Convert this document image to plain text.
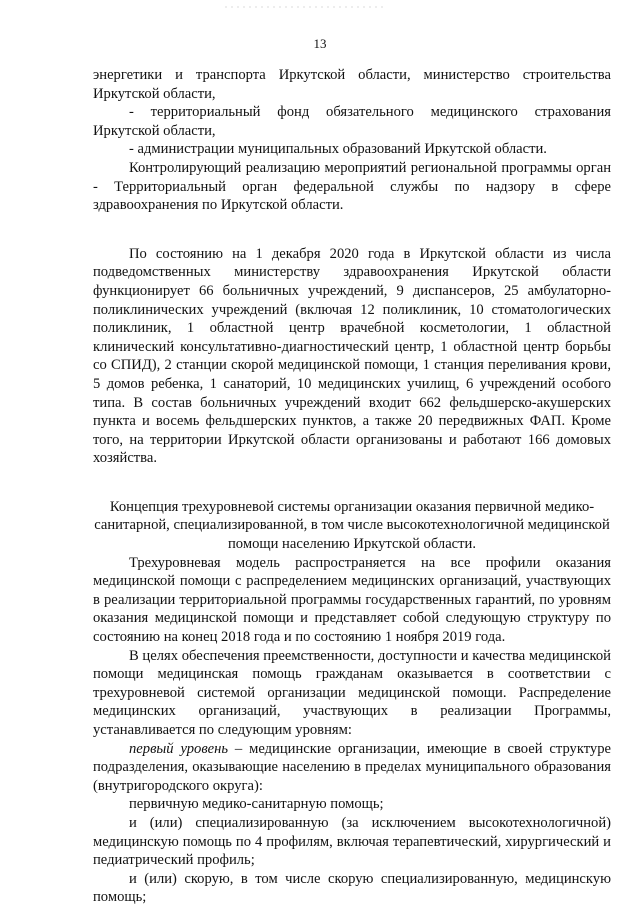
13

энергетики и транспорта Иркутской области, министерство строительства Иркутской области,

- территориальный фонд обязательного медицинского страхования Иркутской области,

- администрации муниципальных образований Иркутской области.

Контролирующий реализацию мероприятий региональной программы орган - Территориальный орган федеральной службы по надзору в сфере здравоохранения по Иркутской области.

По состоянию на 1 декабря 2020 года в Иркутской области из числа подведомственных министерству здравоохранения Иркутской области функционирует 66 больничных учреждений, 9 диспансеров, 25 амбулаторно-поликлинических учреждений (включая 12 поликлиник, 10 стоматологических поликлиник, 1 областной центр врачебной косметологии, 1 областной клинический консультативно-диагностический центр, 1 областной центр борьбы со СПИД), 2 станции скорой медицинской помощи, 1 станция переливания крови, 5 домов ребенка, 1 санаторий, 10 медицинских училищ, 6 учреждений особого типа. В состав больничных учреждений входит 662 фельдшерско-акушерских пункта и восемь фельдшерских пунктов, а также 20 передвижных ФАП. Кроме того, на территории Иркутской области организованы и работают 166 домовых хозяйства.

Концепция трехуровневой системы организации оказания первичной медико-санитарной, специализированной, в том числе высокотехнологичной медицинской помощи населению Иркутской области.

Трехуровневая модель распространяется на все профили оказания медицинской помощи с распределением медицинских организаций, участвующих в реализации территориальной программы государственных гарантий, по уровням оказания медицинской помощи и представляет собой следующую структуру по состоянию на конец 2018 года и по состоянию 1 ноября 2019 года.

В целях обеспечения преемственности, доступности и качества медицинской помощи медицинская помощь гражданам оказывается в соответствии с трехуровневой системой организации медицинской помощи. Распределение медицинских организаций, участвующих в реализации Программы, устанавливается по следующим уровням:

первый уровень – медицинские организации, имеющие в своей структуре подразделения, оказывающие населению в пределах муниципального образования (внутригородского округа):

первичную медико-санитарную помощь;

и (или) специализированную (за исключением высокотехнологичной) медицинскую помощь по 4 профилям, включая терапевтический, хирургический и педиатрический профиль;

и (или) скорую, в том числе скорую специализированную, медицинскую помощь;
